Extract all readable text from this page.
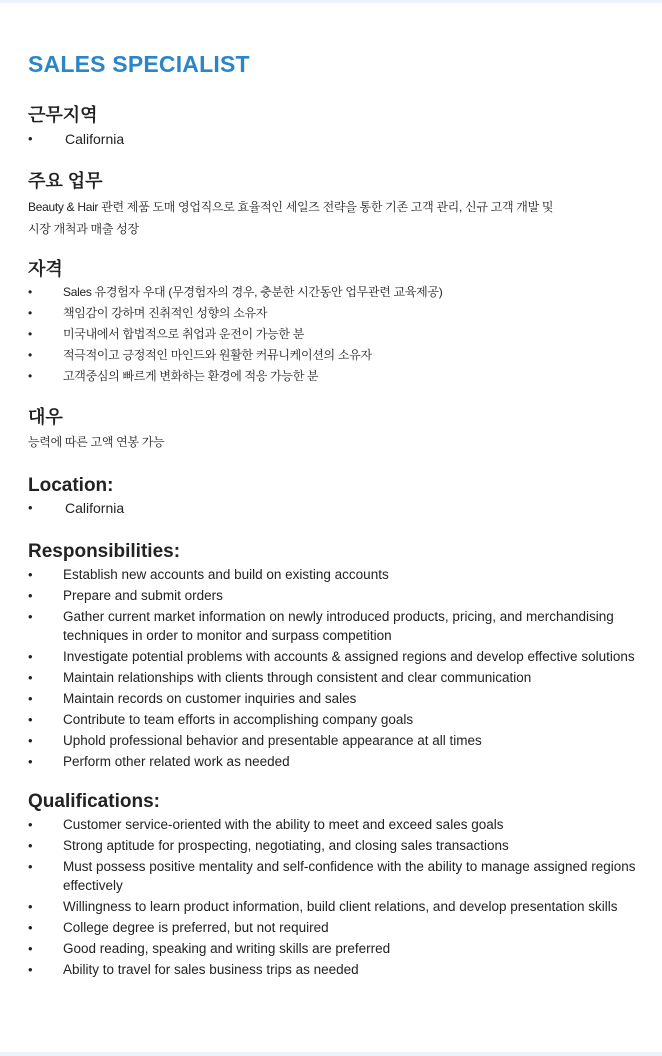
SALES SPECIALIST
근무지역
• California
주요 업무

Beauty & Hair 관련 제품 도매 영업직으로 효율적인 세일즈 전략을 통한 기존 고객 관리, 신규 고객 개발 및

시장 개척과 매출 성장

자격
•	Sales 유경험자 우대 (무경험자의 경우, 충분한 시간동안 업무관련 교육제공)
•	책임감이 강하며 진취적인 성향의 소유자
•	미국내에서 합법적으로 취업과 운전이 가능한 분
•	적극적이고 긍정적인 마인드와 원활한 커뮤니케이션의 소유자
•	고객중심의 빠르게 변화하는 환경에 적응 가능한 분
대우

능력에 따른 고액 연봉 가능

Location:
• California
Responsibilities:
• Establish new accounts and build on existing accounts
• Prepare and submit orders
• Gather current market information on newly introduced products, pricing, and merchandising techniques in order to monitor and surpass competition
• Investigate potential problems with accounts & assigned regions and develop effective solutions
• Maintain relationships with clients through consistent and clear communication
• Maintain records on customer inquiries and sales
• Contribute to team efforts in accomplishing company goals
• Uphold professional behavior and presentable appearance at all times
• Perform other related work as needed
Qualifications:
• Customer service-oriented with the ability to meet and exceed sales goals
• Strong aptitude for prospecting, negotiating, and closing sales transactions
• Must possess positive mentality and self-confidence with the ability to manage assigned regions effectively
• Willingness to learn product information, build client relations, and develop presentation skills
• College degree is preferred, but not required
• Good reading, speaking and writing skills are preferred
• Ability to travel for sales business trips as needed
